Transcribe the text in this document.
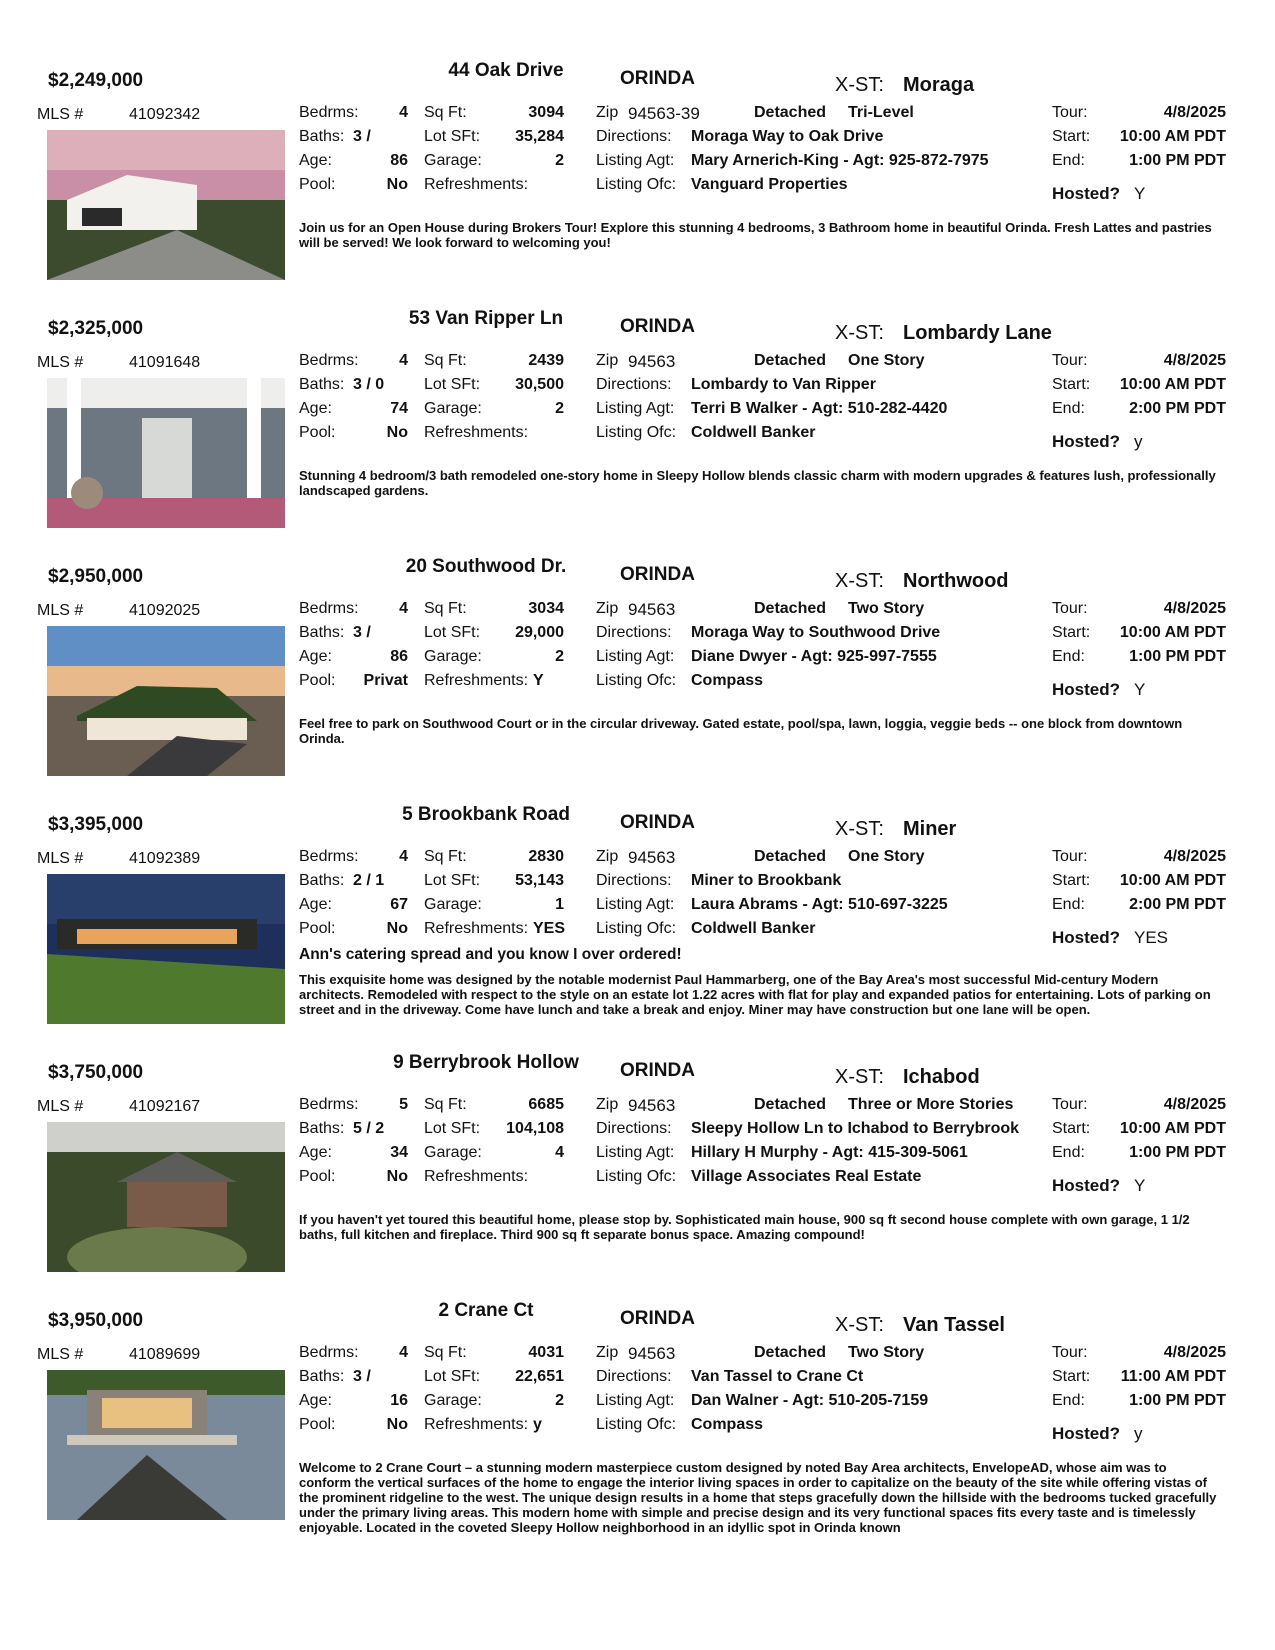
$2,249,000	44 Oak Drive	ORINDA	X-ST: Moraga
MLS #	41092342	Bedrms:	4
Baths: 3 /
Age:	86
Pool:	No
Sq Ft:	3094
Lot SFt:	35,284
Garage:	2
Refreshments:
Zip 94563-39	Detached Tri-Level
Directions: Moraga Way to Oak Drive
Listing Agt: Mary Arnerich-King - Agt: 925-872-7975
Listing Ofc: Vanguard Properties
Tour:	4/8/2025
Start:	10:00 AM PDT
End:	1:00 PM PDT
Hosted? Y
Join us for an Open House during Brokers Tour! Explore this stunning 4 bedrooms, 3 Bathroom home in beautiful Orinda. Fresh Lattes and pastries will be served! We look forward to welcoming you!
$2,325,000	53 Van Ripper Ln	ORINDA	X-ST: Lombardy Lane
MLS #	41091648	Bedrms:	4
Baths: 3 / 0
Age:	74
Pool:	No
Sq Ft:	2439
Lot SFt:	30,500
Garage:	2
Refreshments:
Zip 94563	Detached One Story
Directions: Lombardy to Van Ripper
Listing Agt: Terri B Walker - Agt: 510-282-4420
Listing Ofc: Coldwell Banker
Tour:	4/8/2025
Start:	10:00 AM PDT
End:	2:00 PM PDT
Hosted? y
Stunning 4 bedroom/3 bath remodeled one-story home in Sleepy Hollow blends classic charm with modern upgrades & features lush, professionally landscaped gardens.
$2,950,000	20 Southwood Dr.	ORINDA	X-ST: Northwood
MLS #	41092025	Bedrms:	4
Baths: 3 /
Age:	86
Pool:	Privat
Sq Ft:	3034
Lot SFt:	29,000
Garage:	2
Refreshments: Y
Zip 94563	Detached Two Story
Directions: Moraga Way to Southwood Drive
Listing Agt: Diane Dwyer - Agt: 925-997-7555
Listing Ofc: Compass
Tour:	4/8/2025
Start:	10:00 AM PDT
End:	1:00 PM PDT
Hosted? Y
Feel free to park on Southwood Court or in the circular driveway. Gated estate, pool/spa, lawn, loggia, veggie beds -- one block from downtown Orinda.
$3,395,000	5 Brookbank Road	ORINDA	X-ST: Miner
MLS #	41092389	Bedrms:	4
Baths: 2 / 1
Age:	67
Pool:	No
Sq Ft:	2830
Lot SFt:	53,143
Garage:	1
Refreshments: YES
Zip 94563	Detached One Story
Directions: Miner to Brookbank
Listing Agt: Laura Abrams - Agt: 510-697-3225
Listing Ofc: Coldwell Banker
Tour:	4/8/2025
Start:	10:00 AM PDT
End:	2:00 PM PDT
Hosted? YES
Ann's catering spread and you know I over ordered!
This exquisite home was designed by the notable modernist Paul Hammarberg, one of the Bay Area's most successful Mid-century Modern architects. Remodeled with respect to the style on an estate lot 1.22 acres with flat for play and expanded patios for entertaining. Lots of parking on street and in the driveway. Come have lunch and take a break and enjoy. Miner may have construction but one lane will be open.
$3,750,000	9 Berrybrook Hollow	ORINDA	X-ST: Ichabod
MLS #	41092167	Bedrms:	5
Baths: 5 / 2
Age:	34
Pool:	No
Sq Ft:	6685
Lot SFt:	104,108
Garage:	4
Refreshments:
Zip 94563	Detached Three or More Stories
Directions: Sleepy Hollow Ln to Ichabod to Berrybrook
Listing Agt: Hillary H Murphy - Agt: 415-309-5061
Listing Ofc: Village Associates Real Estate
Tour:	4/8/2025
Start:	10:00 AM PDT
End:	1:00 PM PDT
Hosted? Y
If you haven't yet toured this beautiful home, please stop by. Sophisticated main house, 900 sq ft second house complete with own garage, 1 1/2 baths, full kitchen and fireplace. Third 900 sq ft separate bonus space. Amazing compound!
$3,950,000	2 Crane Ct	ORINDA	X-ST: Van Tassel
MLS #	41089699	Bedrms:	4
Baths: 3 /
Age:	16
Pool:	No
Sq Ft:	4031
Lot SFt:	22,651
Garage:	2
Refreshments: y
Zip 94563	Detached Two Story
Directions: Van Tassel to Crane Ct
Listing Agt: Dan Walner - Agt: 510-205-7159
Listing Ofc: Compass
Tour:	4/8/2025
Start:	11:00 AM PDT
End:	1:00 PM PDT
Hosted? y
Welcome to 2 Crane Court – a stunning modern masterpiece custom designed by noted Bay Area architects, EnvelopeAD, whose aim was to conform the vertical surfaces of the home to engage the interior living spaces in order to capitalize on the beauty of the site while offering vistas of the prominent ridgeline to the west. The unique design results in a home that steps gracefully down the hillside with the bedrooms tucked gracefully under the primary living areas. This modern home with simple and precise design and its very functional spaces fits every taste and is timelessly enjoyable. Located in the coveted Sleepy Hollow neighborhood in an idyllic spot in Orinda known
